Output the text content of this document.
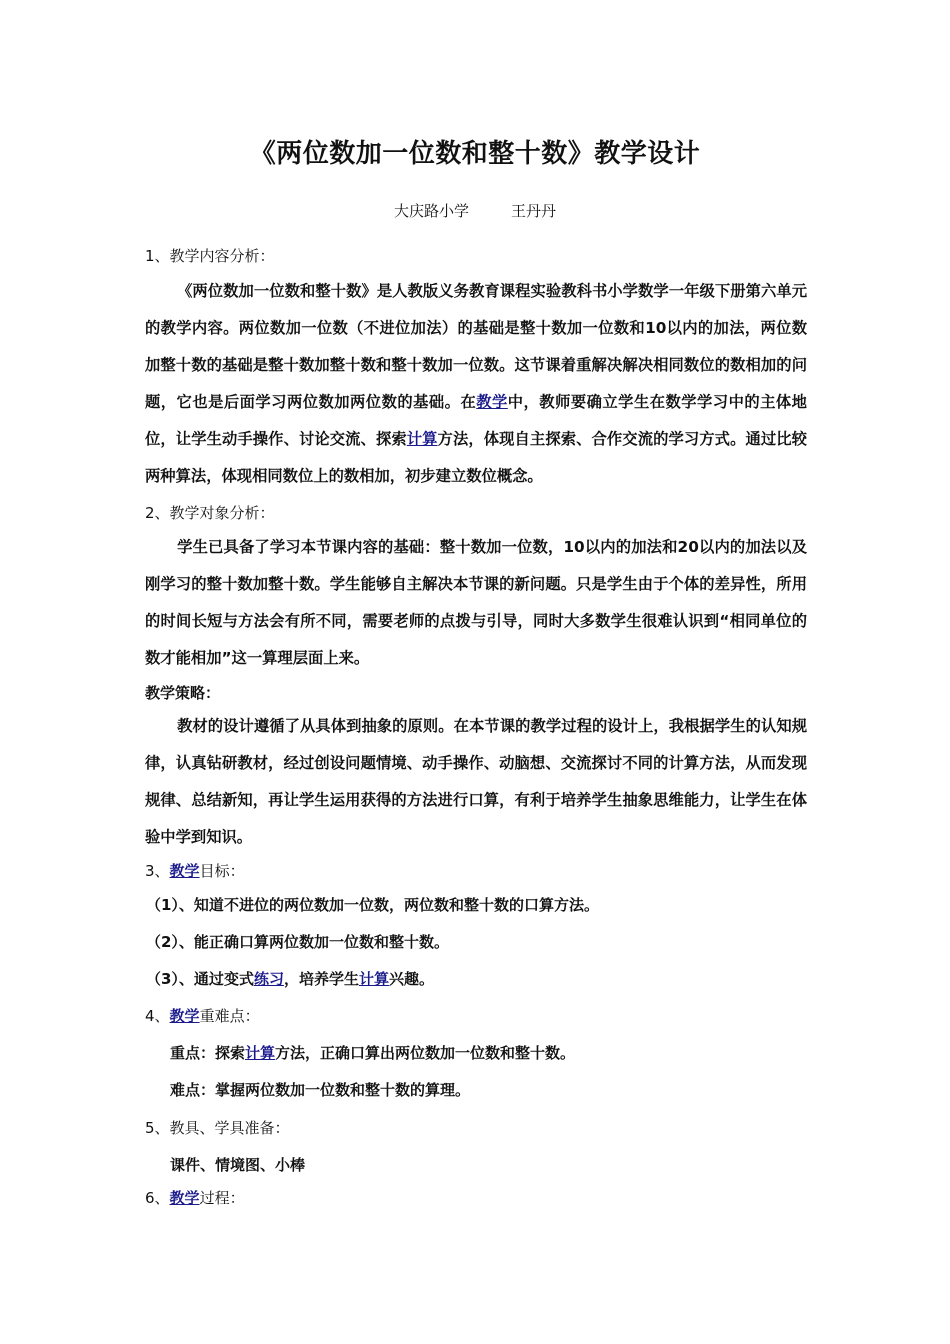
《两位数加一位数和整十数》教学设计
大庆路小学	王丹丹
1、教学内容分析：
《两位数加一位数和整十数》是人教版义务教育课程实验教科书小学数学一年级下册第六单元的教学内容。两位数加一位数（不进位加法）的基础是整十数加一位数和10以内的加法，两位数加整十数的基础是整十数加整十数和整十数加一位数。这节课着重解决解决相同数位的数相加的问题，它也是后面学习两位数加两位数的基础。在教学中，教师要确立学生在数学学习中的主体地位，让学生动手操作、讨论交流、探索计算方法，体现自主探索、合作交流的学习方式。通过比较两种算法，体现相同数位上的数相加，初步建立数位概念。
2、教学对象分析：
学生已具备了学习本节课内容的基础：整十数加一位数，10以内的加法和20以内的加法以及刚学习的整十数加整十数。学生能够自主解决本节课的新问题。只是学生由于个体的差异性，所用的时间长短与方法会有所不同，需要老师的点拨与引导，同时大多数学生很难认识到“相同单位的数才能相加”这一算理层面上来。
教学策略：
教材的设计遵循了从具体到抽象的原则。在本节课的教学过程的设计上，我根据学生的认知规律，认真钻研教材，经过创设问题情境、动手操作、动脑想、交流探讨不同的计算方法，从而发现规律、总结新知，再让学生运用获得的方法进行口算，有利于培养学生抽象思维能力，让学生在体验中学到知识。
3、教学目标：
（1）、知道不进位的两位数加一位数，两位数和整十数的口算方法。
（2）、能正确口算两位数加一位数和整十数。
（3）、通过变式练习，培养学生计算兴趣。
4、教学重难点：
重点：探索计算方法，正确口算出两位数加一位数和整十数。
难点：掌握两位数加一位数和整十数的算理。
5、教具、学具准备：
课件、情境图、小棒
6、教学过程：
